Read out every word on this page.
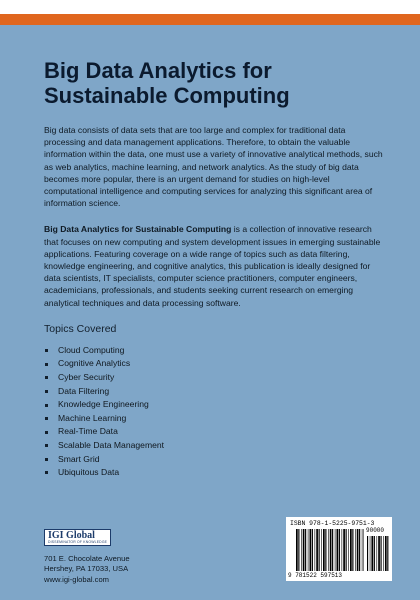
Big Data Analytics for
Sustainable Computing

Big data consists of data sets that are too large and complex for traditional data processing and data management applications. Therefore, to obtain the valuable information within the data, one must use a variety of innovative analytical methods, such as web analytics, machine learning, and network analytics. As the study of big data becomes more popular, there is an urgent demand for studies on high-level computational intelligence and computing services for analyzing this significant area of information science.

Big Data Analytics for Sustainable Computing is a collection of innovative research that focuses on new computing and system development issues in emerging sustainable applications. Featuring coverage on a wide range of topics such as data filtering, knowledge engineering, and cognitive analytics, this publication is ideally designed for data scientists, IT specialists, computer science practitioners, computer engineers, academicians, professionals, and students seeking current research on emerging analytical techniques and data processing software.

Topics Covered
Cloud Computing
Cognitive Analytics
Cyber Security
Data Filtering
Knowledge Engineering
Machine Learning
Real-Time Data
Scalable Data Management
Smart Grid
Ubiquitous Data
IGI Global
DISSEMINATOR OF KNOWLEDGE
701 E. Chocolate Avenue
Hershey, PA 17033, USA
www.igi-global.com
ISBN 978-1-5225-9751-3
90000
9 781522 597513
